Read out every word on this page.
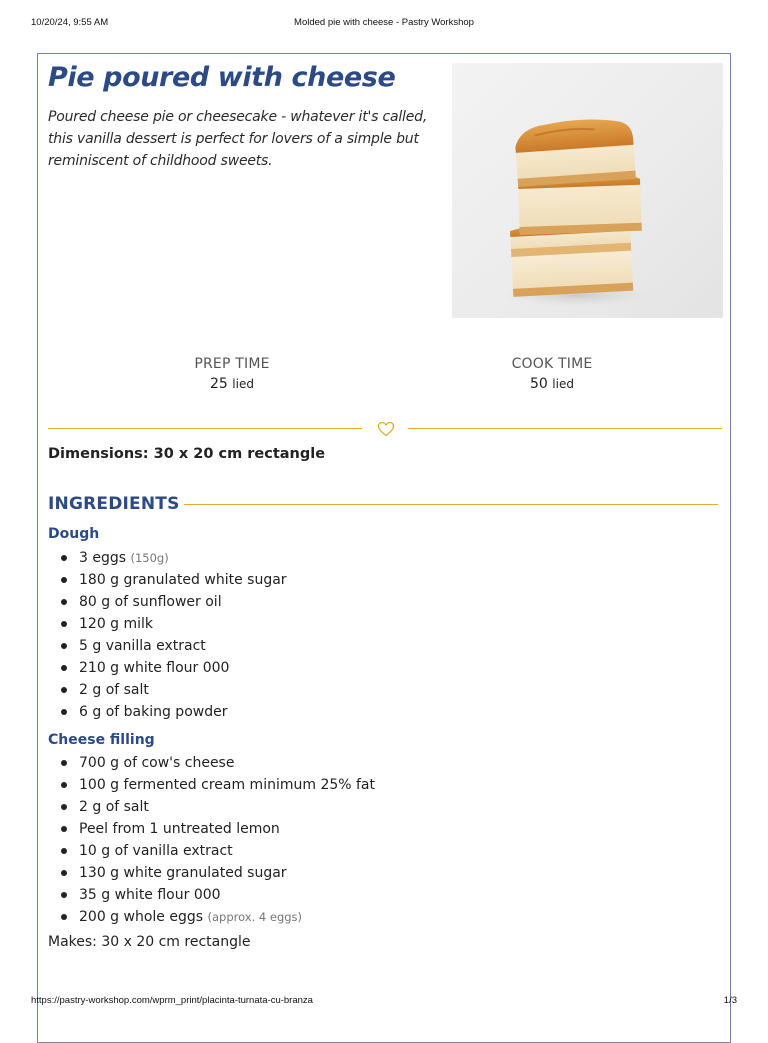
10/20/24, 9:55 AM	Molded pie with cheese - Pastry Workshop
Pie poured with cheese
Poured cheese pie or cheesecake - whatever it's called, this vanilla dessert is perfect for lovers of a simple but reminiscent of childhood sweets.
PREP TIME
25 lied
COOK TIME
50 lied
Dimensions: 30 x 20 cm rectangle
INGREDIENTS
Dough
3 eggs (150g)
180 g granulated white sugar
80 g of sunflower oil
120 g milk
5 g vanilla extract
210 g white flour 000
2 g of salt
6 g of baking powder
Cheese filling
700 g of cow's cheese
100 g fermented cream minimum 25% fat
2 g of salt
Peel from 1 untreated lemon
10 g of vanilla extract
130 g white granulated sugar
35 g white flour 000
200 g whole eggs (approx. 4 eggs)
Makes: 30 x 20 cm rectangle
https://pastry-workshop.com/wprm_print/placinta-turnata-cu-branza	1/3
